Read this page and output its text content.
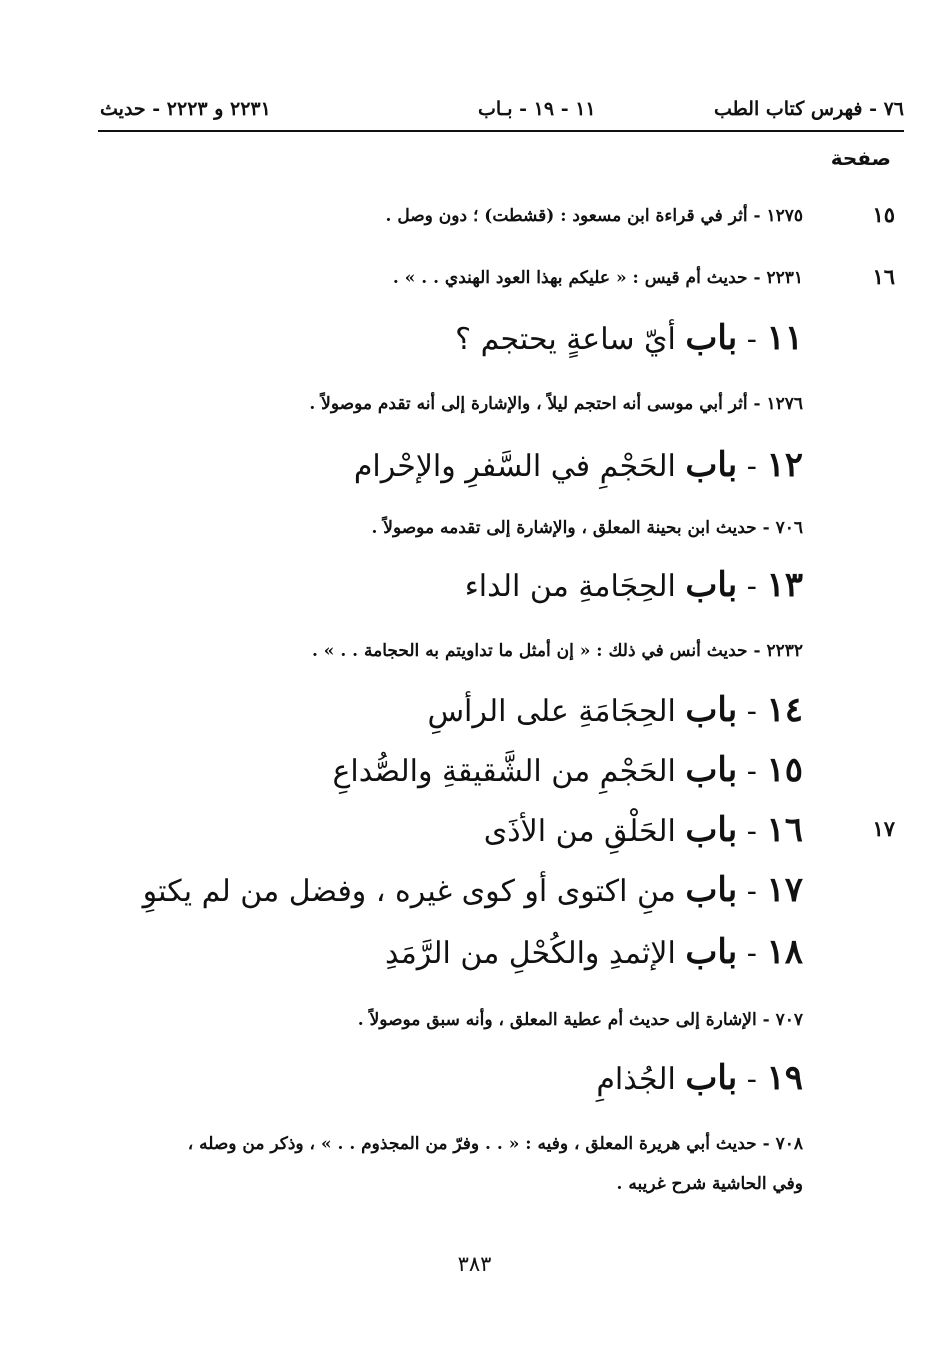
٧٦ - فهرس كتاب الطب
١١ - ١٩ - بـاب
٢٢٣١ و ٢٢٢٣ - حديث
صفحة
١٥
١٢٧٥ - أثر في قراءة ابن مسعود : (قشطت) ؛ دون وصل .
١٦
٢٢٣١ - حديث أم قيس : « عليكم بهذا العود الهندي . . » .
١١ - باب أيّ ساعةٍ يحتجم ؟
١٢٧٦ - أثر أبي موسى أنه احتجم ليلاً ، والإشارة إلى أنه تقدم موصولاً .
١٢ - باب الحَجْمِ في السَّفرِ والإحْرام
٧٠٦ - حديث ابن بحينة المعلق ، والإشارة إلى تقدمه موصولاً .
١٣ - باب الحِجَامةِ من الداء
٢٢٣٢ - حديث أنس في ذلك : « إن أمثل ما تداويتم به الحجامة . . » .
١٤ - باب الحِجَامَةِ على الرأسِ
١٥ - باب الحَجْمِ من الشَّقيقةِ والصُّداعِ
١٧
١٦ - باب الحَلْقِ من الأذَى
١٧ - باب منِ اكتوى أو كوى غيره ، وفضل من لم يكتوِ
١٨ - باب الإثمدِ والكُحْلِ من الرَّمَدِ
٧٠٧ - الإشارة إلى حديث أم عطية المعلق ، وأنه سبق موصولاً .
١٩ - باب الجُذامِ
٧٠٨ - حديث أبي هريرة المعلق ، وفيه : « . . وفرّ من المجذوم . . » ، وذكر من وصله ،
وفي الحاشية شرح غريبه .
٣٨٣
